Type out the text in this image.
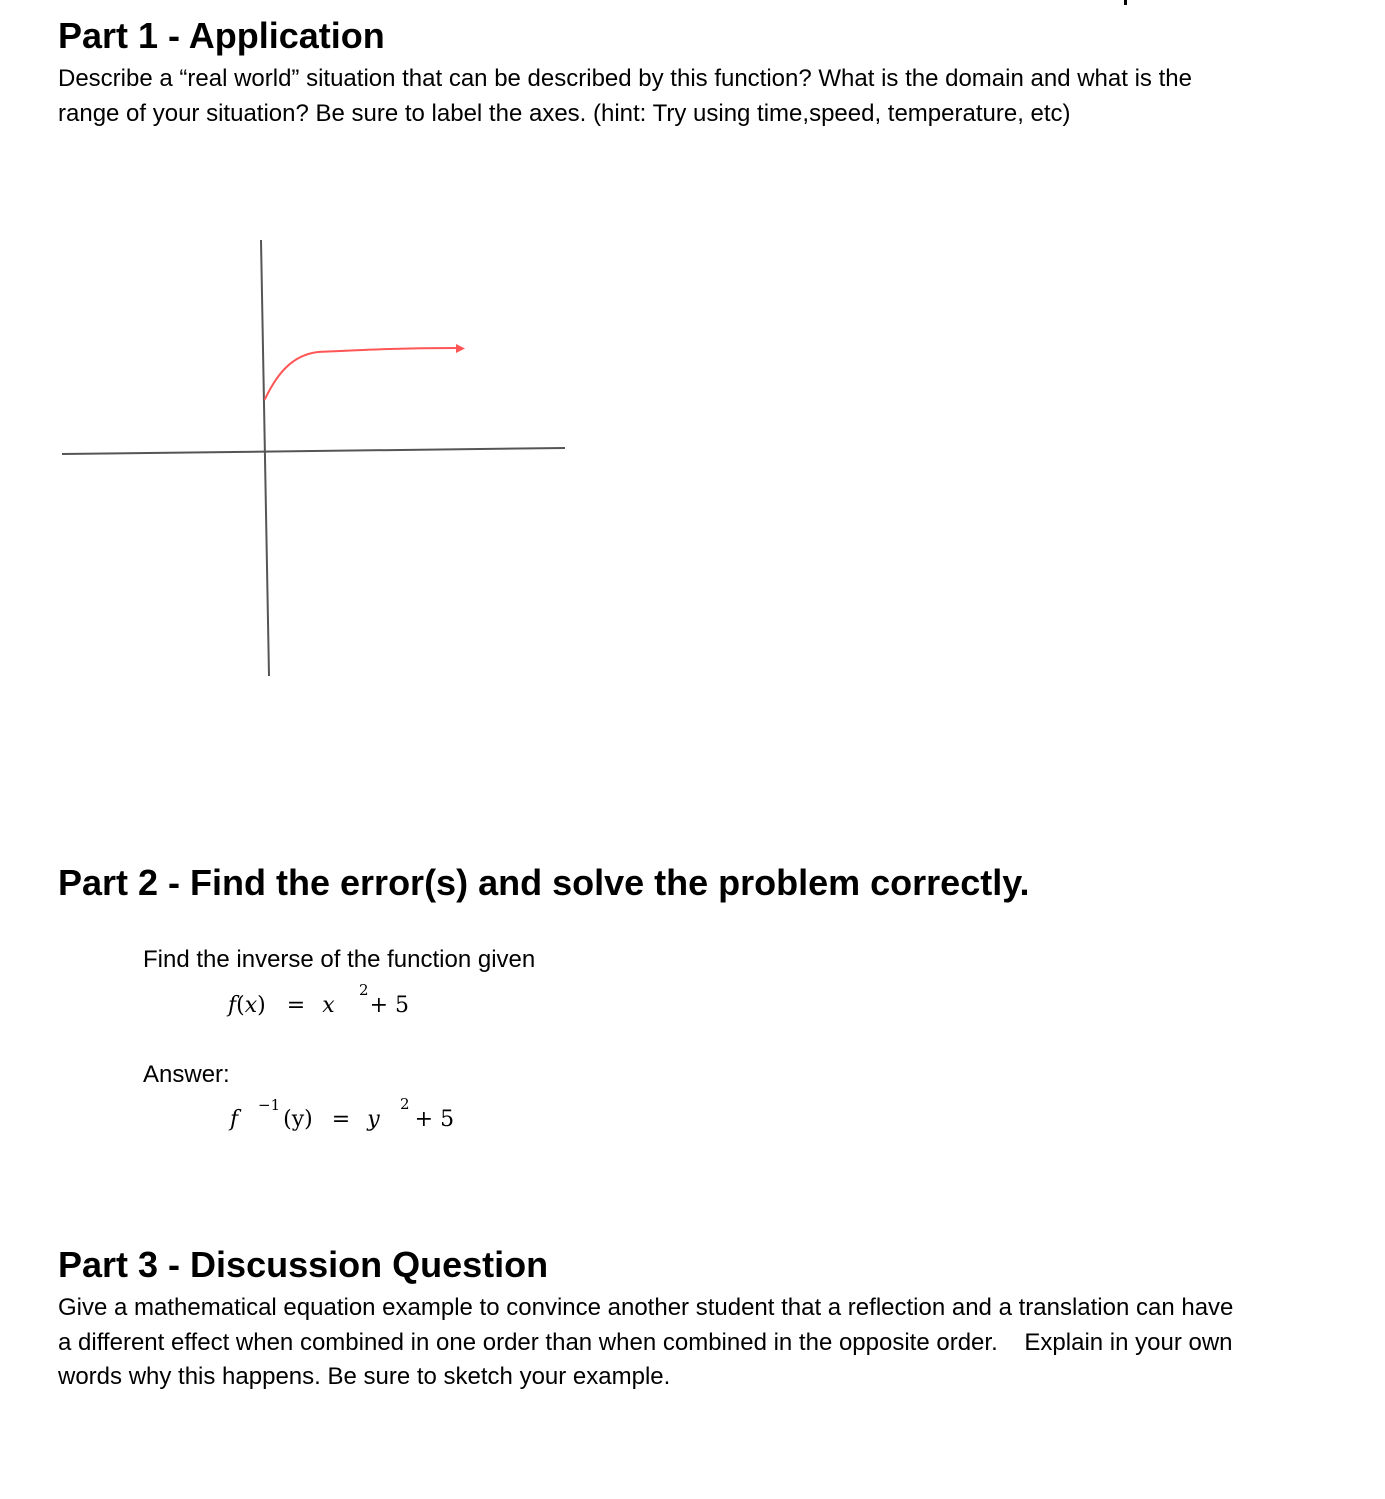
Part 1 - Application

Describe a “real world” situation that can be described by this function? What is the domain and what is the
range of your situation? Be sure to label the axes. (hint: Try using time,speed, temperature, etc)

Part 2 - Find the error(s) and solve the problem correctly.
Find the inverse of the function given
f(x) = x
2
+ 5
Answer:
f
−1
(y) = y
2
+ 5
Part 3 - Discussion Question

Give a mathematical equation example to convince another student that a reflection and a translation can have
a different effect when combined in one order than when combined in the opposite order.    Explain in your own
words why this happens. Be sure to sketch your example.
